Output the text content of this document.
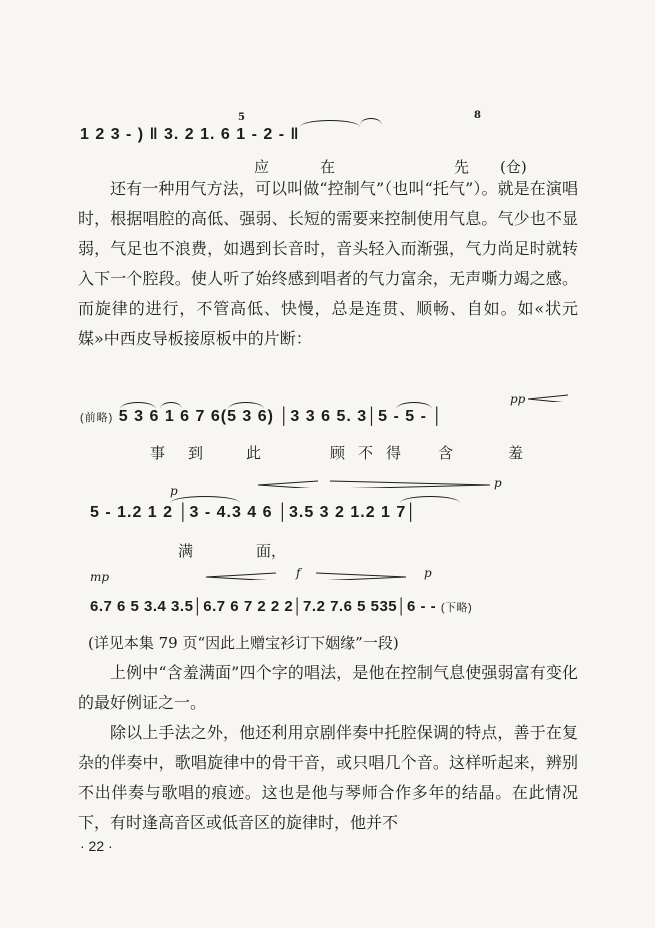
1 2 3 - ) ‖ 3. 2 1. 6 1 - 2 - ‖
5	8
应	在	先 (仓)
还有一种用气方法，可以叫做“控制气”（也叫“托气”）。就是在演唱时，根据唱腔的高低、强弱、长短的需要来控制使用气息。气少也不显弱，气足也不浪费，如遇到长音时，音头轻入而渐强，气力尚足时就转入下一个腔段。使人听了始终感到唱者的气力富余，无声嘶力竭之感。而旋律的进行，不管高低、快慢，总是连贯、顺畅、自如。如«状元媒»中西皮导板接原板中的片断：
(前略) 5 3 6 1 6 7 6(5 3 6) │3 3 6 5. 3│5 - 5 - │
pp
事 到	此	顾 不 得 含	羞
5 - 1.2 1 2 │3 - 4.3 4 6 │3.5 3 2 1.2 1 7│
p
p
满	面，
mp	f	p
6.7 6 5 3.4 3.5│6.7 6 7 2 2 2│7.2 7.6 5 535│6 - - (下略)
(详见本集 79 页“因此上赠宝衫订下姻缘”一段)
上例中“含羞满面”四个字的唱法，是他在控制气息使强弱富有变化的最好例证之一。
除以上手法之外，他还利用京剧伴奏中托腔保调的特点，善于在复杂的伴奏中，歌唱旋律中的骨干音，或只唱几个音。这样听起来，辨别不出伴奏与歌唱的痕迹。这也是他与琴师合作多年的结晶。在此情况下，有时逢高音区或低音区的旋律时，他并不
· 22 ·
